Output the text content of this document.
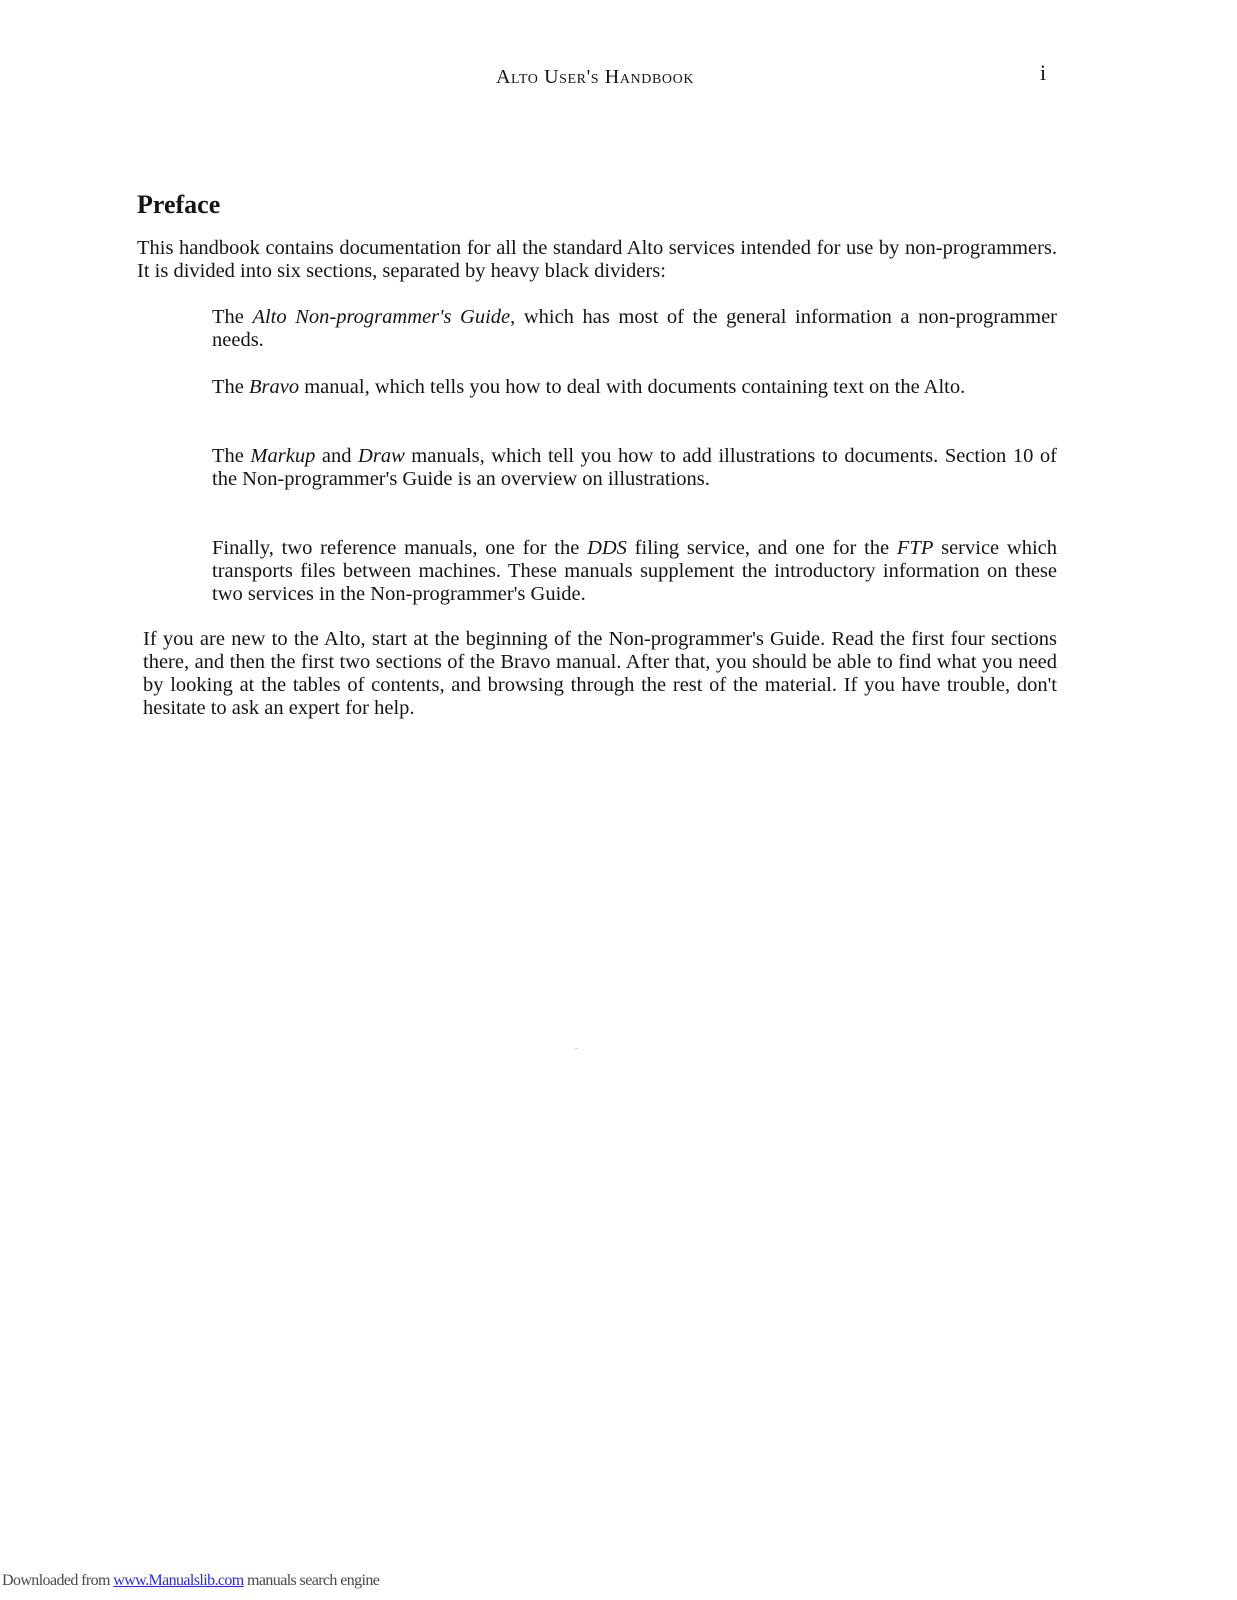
Alto User's Handbook	i
Preface

This handbook contains documentation for all the standard Alto services intended for use by non-programmers. It is divided into six sections, separated by heavy black dividers:

The Alto Non-programmer's Guide, which has most of the general information a non-programmer needs.

The Bravo manual, which tells you how to deal with documents containing text on the Alto.

The Markup and Draw manuals, which tell you how to add illustrations to documents. Section 10 of the Non-programmer's Guide is an overview on illustrations.

Finally, two reference manuals, one for the DDS filing service, and one for the FTP service which transports files between machines. These manuals supplement the introductory information on these two services in the Non-programmer's Guide.

If you are new to the Alto, start at the beginning of the Non-programmer's Guide. Read the first four sections there, and then the first two sections of the Bravo manual. After that, you should be able to find what you need by looking at the tables of contents, and browsing through the rest of the material. If you have trouble, don't hesitate to ask an expert for help.

Downloaded from www.Manualslib.com manuals search engine
